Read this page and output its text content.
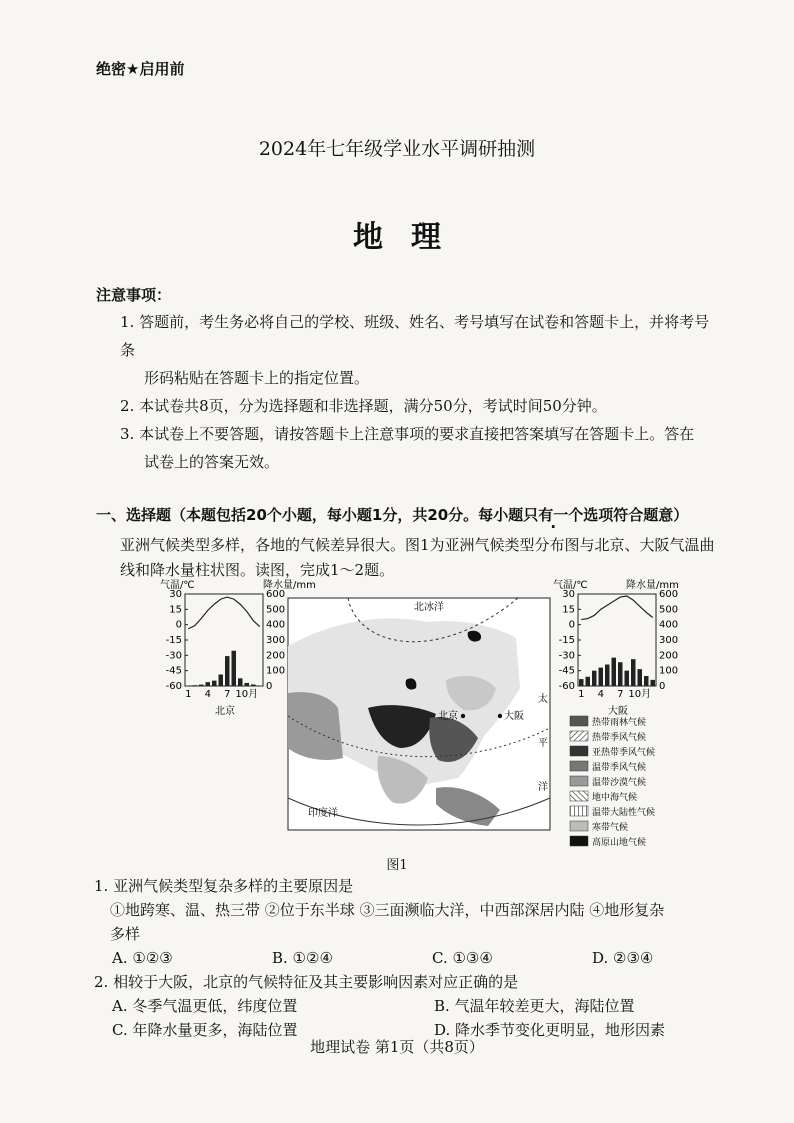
绝密★启用前
2024年七年级学业水平调研抽测
地理
注意事项：

1. 答题前，考生务必将自己的学校、班级、姓名、考号填写在试卷和答题卡上，并将考号条

形码粘贴在答题卡上的指定位置。

2. 本试卷共8页，分为选择题和非选择题，满分50分，考试时间50分钟。

3. 本试卷上不要答题，请按答题卡上注意事项的要求直接把答案填写在答题卡上。答在

试卷上的答案无效。

一、选择题（本题包括20个小题，每小题1分，共20分。每小题只有一个选项符合题意）
亚洲气候类型多样，各地的气候差异很大。图1为亚洲气候类型分布图与北京、大阪气温曲线和降水量柱状图。读图，完成1～2题。
气温/℃	降水量/mm
30
15
0
-15
-30
-45
-60
600
500
400
300
200
100
0
1 4 7 10月
北京
北冰洋
印度洋
北京	大阪
太
平
洋
气温/℃	降水量/mm
30
15
0
-15
-30
-45
-60
600
500
400
300
200
100
0
1 4 7 10月
大阪
热带雨林气候
热带季风气候
亚热带季风气候
温带季风气候
温带沙漠气候
地中海气候
温带大陆性气候
寒带气候
高原山地气候
图1
1. 亚洲气候类型复杂多样的主要原因是
①地跨寒、温、热三带 ②位于东半球 ③三面濒临大洋，中西部深居内陆 ④地形复杂
多样
A. ①②③	B. ①②④	C. ①③④	D. ②③④
2. 相较于大阪，北京的气候特征及其主要影响因素对应正确的是
A. 冬季气温更低，纬度位置	B. 气温年较差更大，海陆位置
C. 年降水量更多，海陆位置	D. 降水季节变化更明显，地形因素
地理试卷 第1页（共8页）
